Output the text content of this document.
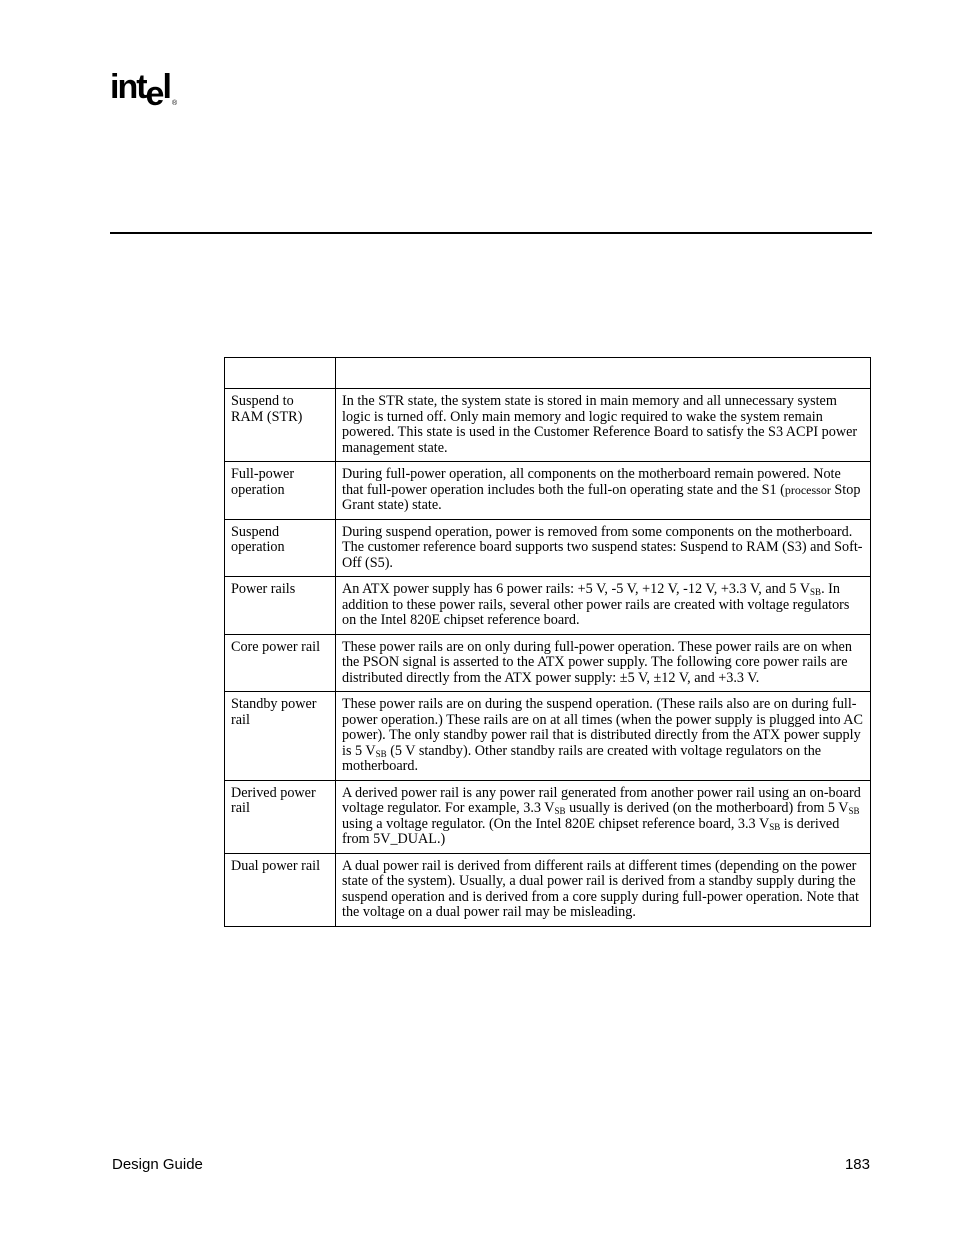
intel ®

Suspend to RAM (STR)	In the STR state, the system state is stored in main memory and all unnecessary system logic is turned off. Only main memory and logic required to wake the system remain powered. This state is used in the Customer Reference Board to satisfy the S3 ACPI power management state.
Full-power operation	During full-power operation, all components on the motherboard remain powered. Note that full-power operation includes both the full-on operating state and the S1 (processor Stop Grant state) state.
Suspend operation	During suspend operation, power is removed from some components on the motherboard. The customer reference board supports two suspend states: Suspend to RAM (S3) and Soft-Off (S5).
Power rails	An ATX power supply has 6 power rails: +5 V, -5 V, +12 V, -12 V, +3.3 V, and 5 $V_{SB}$. In addition to these power rails, several other power rails are created with voltage regulators on the Intel 820E chipset reference board.
Core power rail	These power rails are on only during full-power operation. These power rails are on when the PSON signal is asserted to the ATX power supply. The following core power rails are distributed directly from the ATX power supply: ±5 V, ±12 V, and +3.3 V.
Standby power rail	These power rails are on during the suspend operation. (These rails also are on during full-power operation.) These rails are on at all times (when the power supply is plugged into AC power). The only standby power rail that is distributed directly from the ATX power supply is 5 $V_{SB}$ (5 V standby). Other standby rails are created with voltage regulators on the motherboard.
Derived power rail	A derived power rail is any power rail generated from another power rail using an on-board voltage regulator. For example, 3.3 $V_{SB}$ usually is derived (on the motherboard) from 5 $V_{SB}$ using a voltage regulator. (On the Intel 820E chipset reference board, 3.3 $V_{SB}$ is derived from 5V_DUAL.)
Dual power rail	A dual power rail is derived from different rails at different times (depending on the power state of the system). Usually, a dual power rail is derived from a standby supply during the suspend operation and is derived from a core supply during full-power operation. Note that the voltage on a dual power rail may be misleading.
Design Guide	183
